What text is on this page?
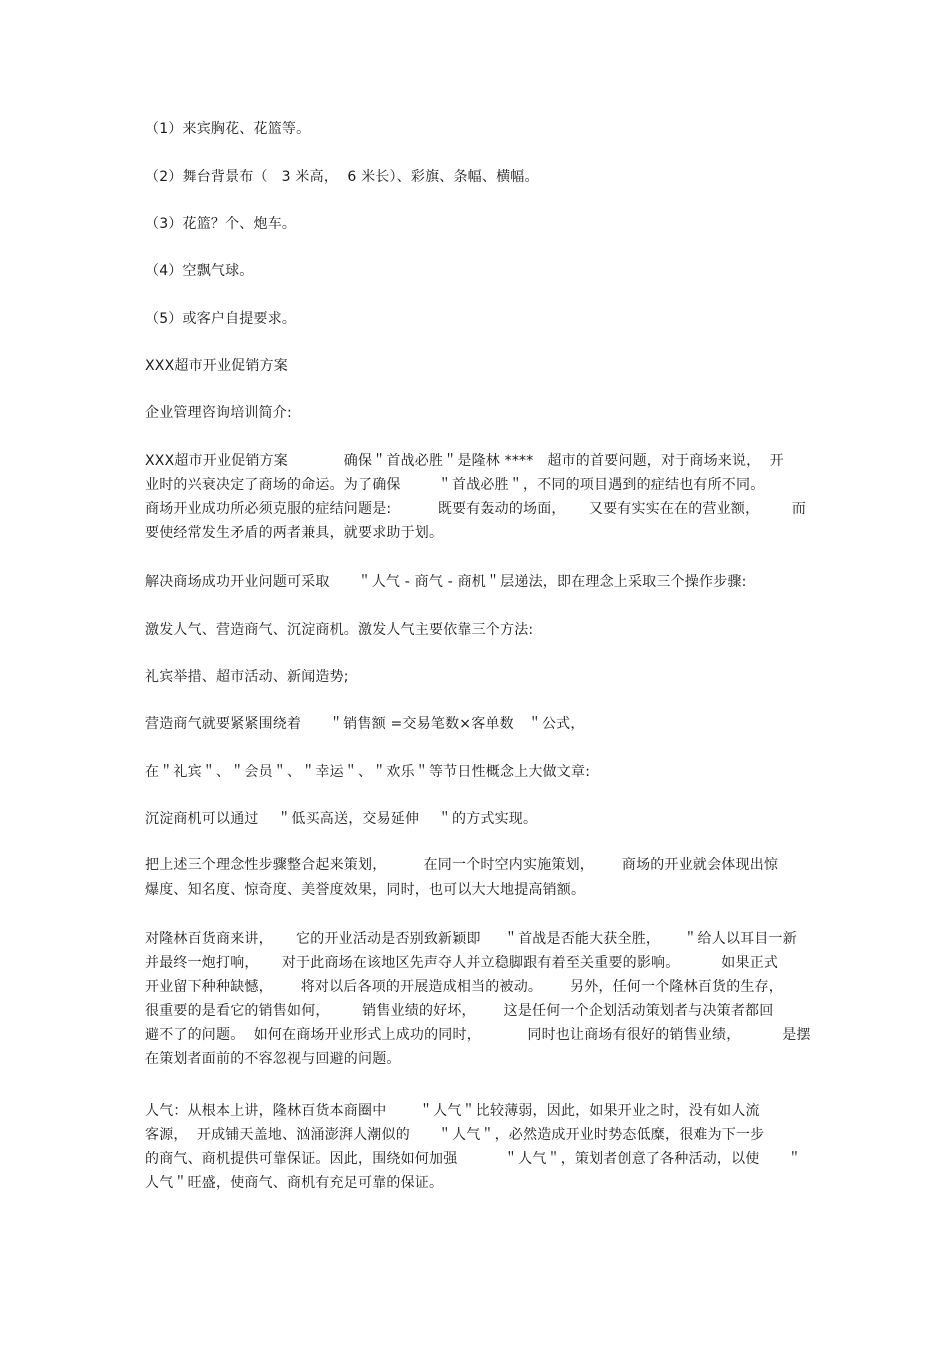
（1）来宾胸花、花篮等。
（2）舞台背景布（   3 米高，  6 米长）、彩旗、条幅、横幅。
（3）花篮？个、炮车。
（4）空飘气球。
（5）或客户自提要求。
XXX超市开业促销方案
企业管理咨询培训简介:
XXX超市开业促销方案            确保＂首战必胜＂是隆林 ****   超市的首要问题，对于商场来说，  开
业时的兴衰决定了商场的命运。为了确保        ＂首战必胜＂，不同的项目遇到的症结也有所不同。
商场开业成功所必须克服的症结问题是:          既要有轰动的场面，     又要有实实在在的营业额，       而
要使经常发生矛盾的两者兼具，就要求助于划。
解决商场成功开业问题可采取      ＂人气 - 商气 - 商机＂层递法，即在理念上采取三个操作步骤:
激发人气、营造商气、沉淀商机。激发人气主要依靠三个方法:
礼宾举措、超市活动、新闻造势;
营造商气就要紧紧围绕着      ＂销售额 =交易笔数×客单数   ＂公式，
在＂礼宾＂、＂会员＂、＂幸运＂、＂欢乐＂等节日性概念上大做文章:
沉淀商机可以通过    ＂低买高送，交易延伸    ＂的方式实现。
把上述三个理念性步骤整合起来策划，        在同一个时空内实施策划，      商场的开业就会体现出惊
爆度、知名度、惊奇度、美誉度效果，同时，也可以大大地提高销额。
对隆林百货商来讲，     它的开业活动是否别致新颖即     ＂首战是否能大获全胜，     ＂给人以耳目一新
并最终一炮打响，     对于此商场在该地区先声夺人并立稳脚跟有着至关重要的影响。         如果正式
开业留下种种缺憾，      将对以后各项的开展造成相当的被动。      另外，任何一个隆林百货的生存，
很重要的是看它的销售如何，       销售业绩的好坏，      这是任何一个企划活动策划者与决策者都回
避不了的问题。  如何在商场开业形式上成功的同时，          同时也让商场有很好的销售业绩，         是摆
在策划者面前的不容忽视与回避的问题。
人气：从根本上讲，隆林百货本商圈中       ＂人气＂比较薄弱，因此，如果开业之时，没有如人流
客源，  开成铺天盖地、汹涌澎湃人潮似的      ＂人气＂，必然造成开业时势态低糜，很难为下一步
的商气、商机提供可靠保证。因此，围绕如何加强          ＂人气＂，策划者创意了各种活动，以使      ＂
人气＂旺盛，使商气、商机有充足可靠的保证。
